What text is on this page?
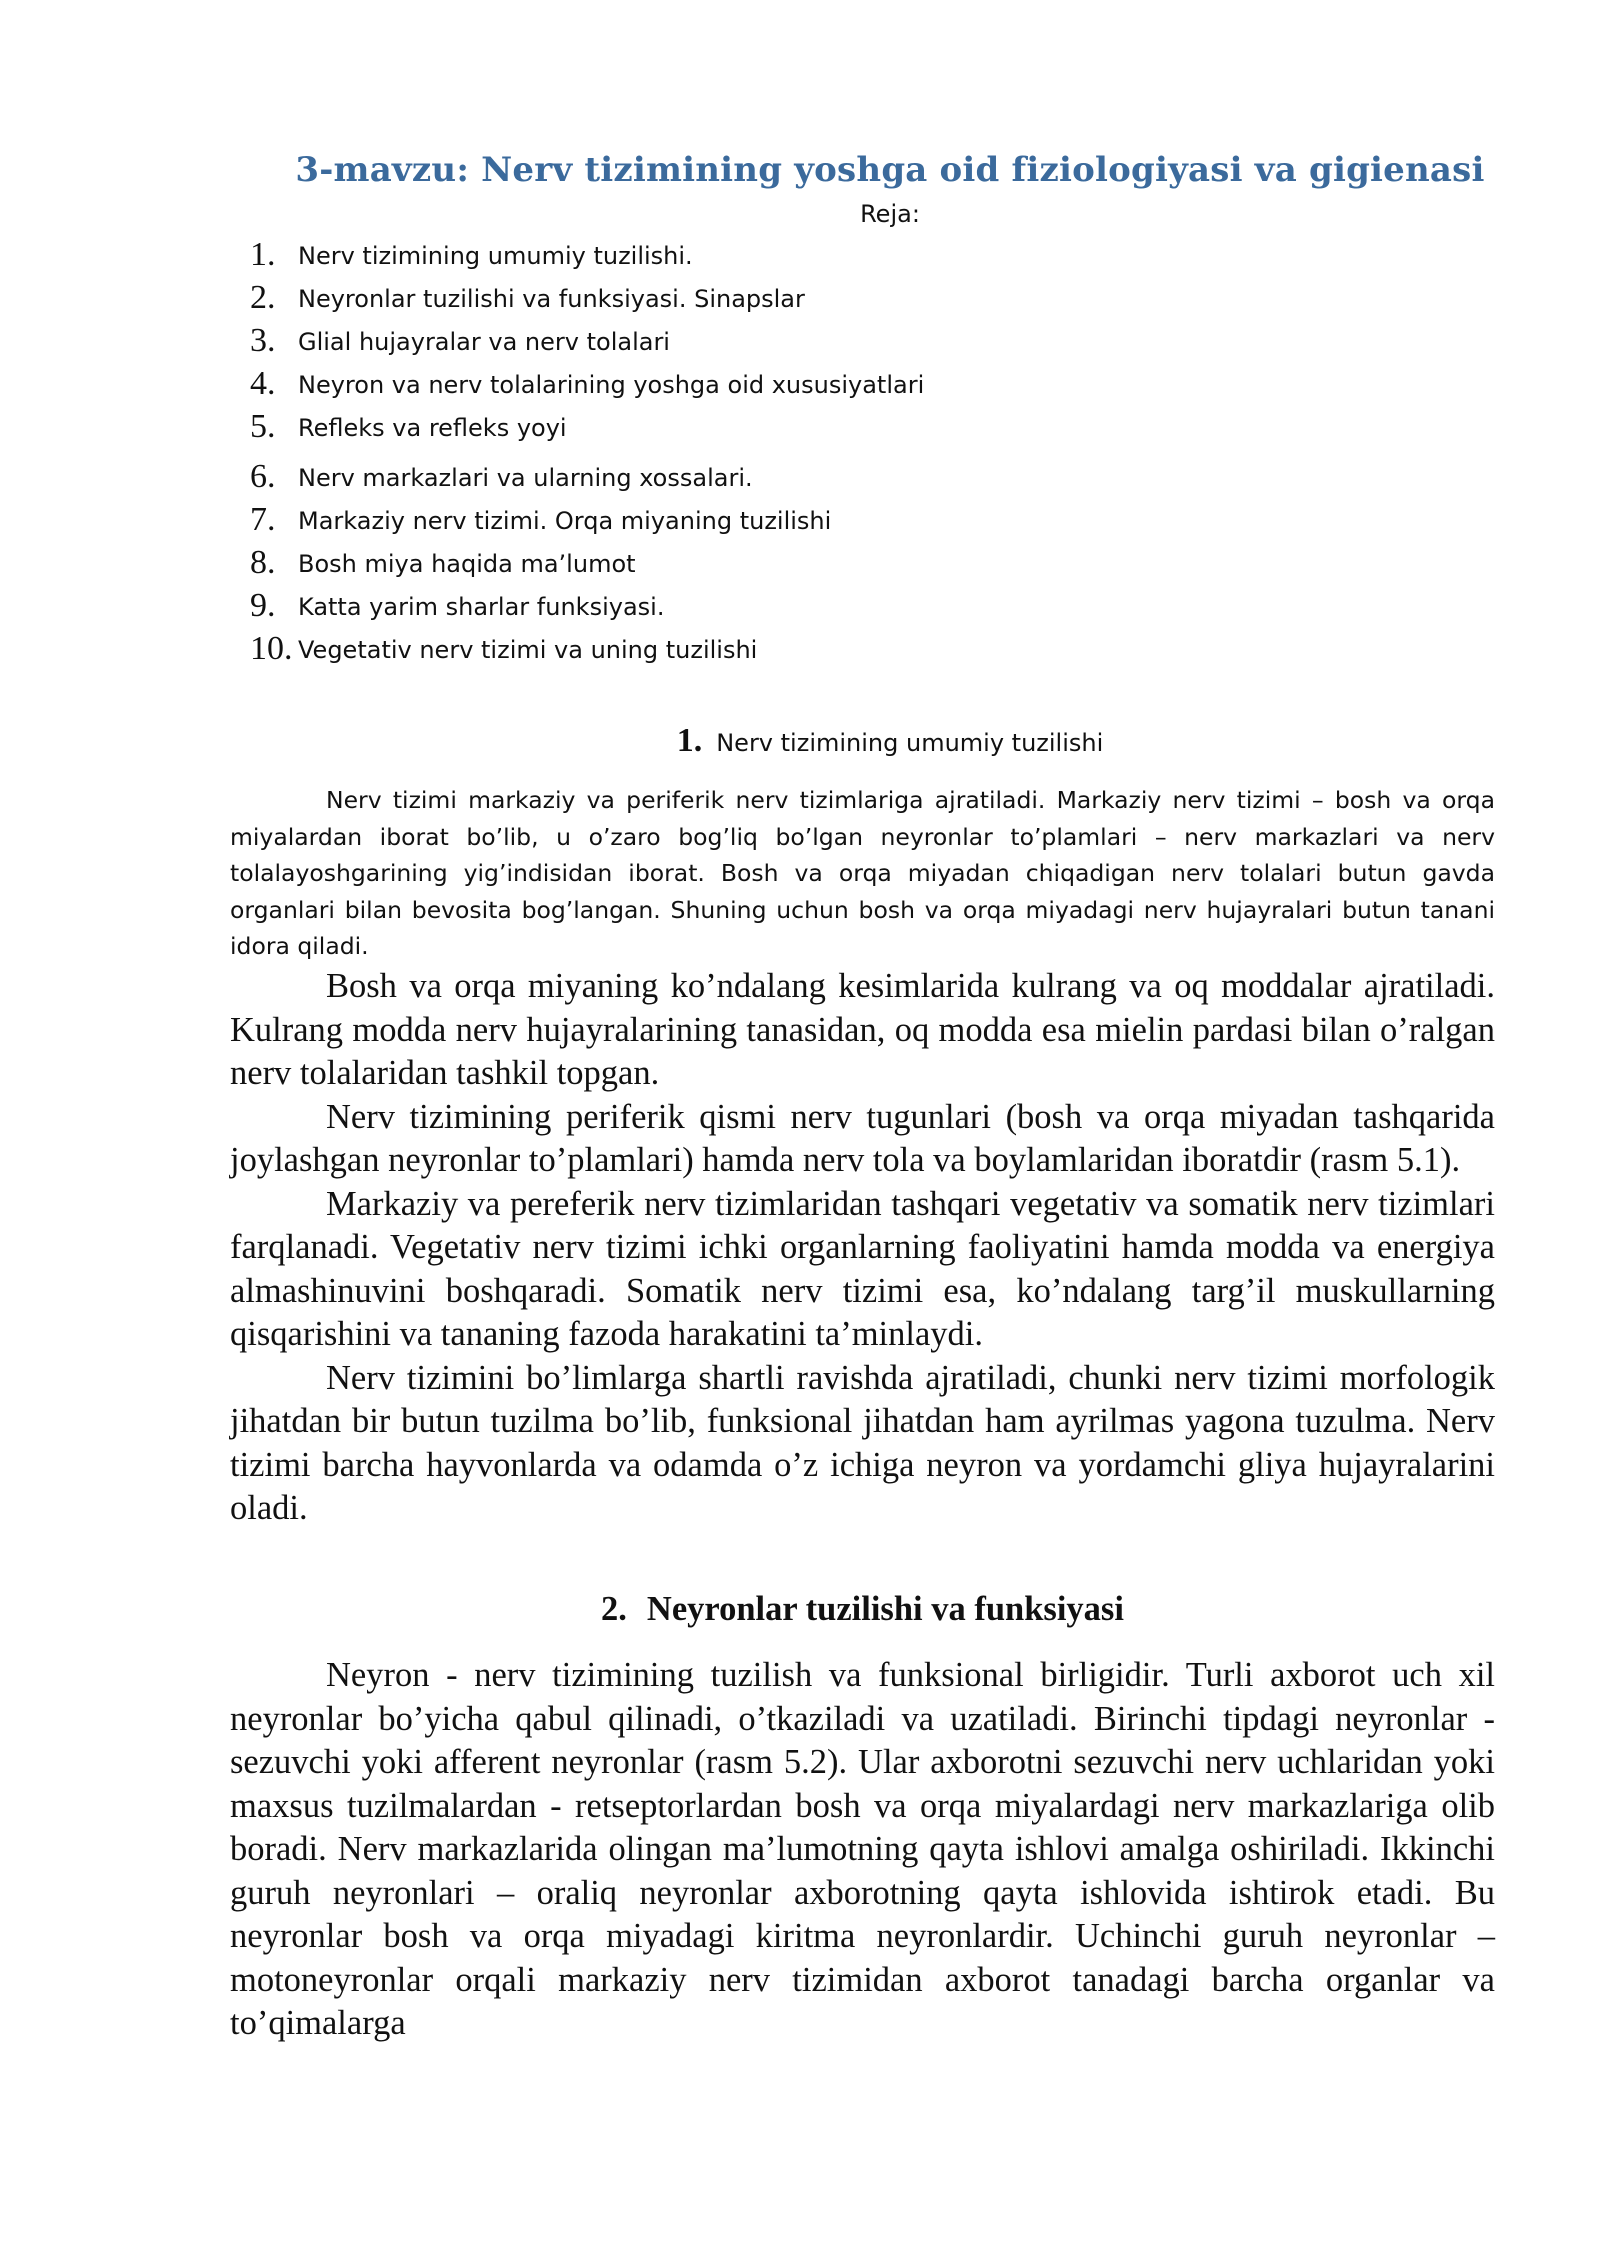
3-mavzu: Nerv tizimining yoshga oid fiziologiyasi va gigienasi
Reja:
1. Nerv tizimining umumiy tuzilishi.
2. Neyronlar tuzilishi va funksiyasi. Sinapslar
3. Glial hujayralar va nerv tolalari
4. Neyron va nerv tolalarining yoshga oid xususiyatlari
5. Refleks va refleks yoyi
6. Nerv markazlari va ularning xossalari.
7. Markaziy nerv tizimi. Orqa miyaning tuzilishi
8. Bosh miya haqida ma’lumot
9. Katta yarim sharlar funksiyasi.
10. Vegetativ nerv tizimi va uning tuzilishi
1. Nerv tizimining umumiy tuzilishi

Nerv tizimi markaziy va periferik nerv tizimlariga ajratiladi. Markaziy nerv tizimi – bosh va orqa miyalardan iborat bo’lib, u o’zaro bog’liq bo’lgan neyronlar to’plamlari – nerv markazlari va nerv tolalayoshgarining yig’indisidan iborat. Bosh va orqa miyadan chiqadigan nerv tolalari butun gavda organlari bilan bevosita bog’langan. Shuning uchun bosh va orqa miyadagi nerv hujayralari butun tanani idora qiladi.

Bosh va orqa miyaning ko’ndalang kesimlarida kulrang va oq moddalar ajratiladi. Kulrang modda nerv hujayralarining tanasidan, oq modda esa mielin pardasi bilan o’ralgan nerv tolalaridan tashkil topgan.

Nerv tizimining periferik qismi nerv tugunlari (bosh va orqa miyadan tashqarida joylashgan neyronlar to’plamlari) hamda nerv tola va boylamlaridan iboratdir (rasm 5.1).

Markaziy va pereferik nerv tizimlaridan tashqari vegetativ va somatik nerv tizimlari farqlanadi. Vegetativ nerv tizimi ichki organlarning faoliyatini hamda modda va energiya almashinuvini boshqaradi. Somatik nerv tizimi esa, ko’ndalang targ’il muskullarning qisqarishini va tananing fazoda harakatini ta’minlaydi.

Nerv tizimini bo’limlarga shartli ravishda ajratiladi, chunki nerv tizimi morfologik jihatdan bir butun tuzilma bo’lib, funksional jihatdan ham ayrilmas yagona tuzulma. Nerv tizimi barcha hayvonlarda va odamda o’z ichiga neyron va yordamchi gliya hujayralarini oladi.

2. Neyronlar tuzilishi va funksiyasi

Neyron - nerv tizimining tuzilish va funksional birligidir. Turli axborot uch xil neyronlar bo’yicha qabul qilinadi, o’tkaziladi va uzatiladi. Birinchi tipdagi neyronlar - sezuvchi yoki afferent neyronlar (rasm 5.2). Ular axborotni sezuvchi nerv uchlaridan yoki maxsus tuzilmalardan - retseptorlardan bosh va orqa miyalardagi nerv markazlariga olib boradi. Nerv markazlarida olingan ma’lumotning qayta ishlovi amalga oshiriladi. Ikkinchi guruh neyronlari – oraliq neyronlar axborotning qayta ishlovida ishtirok etadi. Bu neyronlar bosh va orqa miyadagi kiritma neyronlardir. Uchinchi guruh neyronlar – motoneyronlar orqali markaziy nerv tizimidan axborot tanadagi barcha organlar va to’qimalarga
